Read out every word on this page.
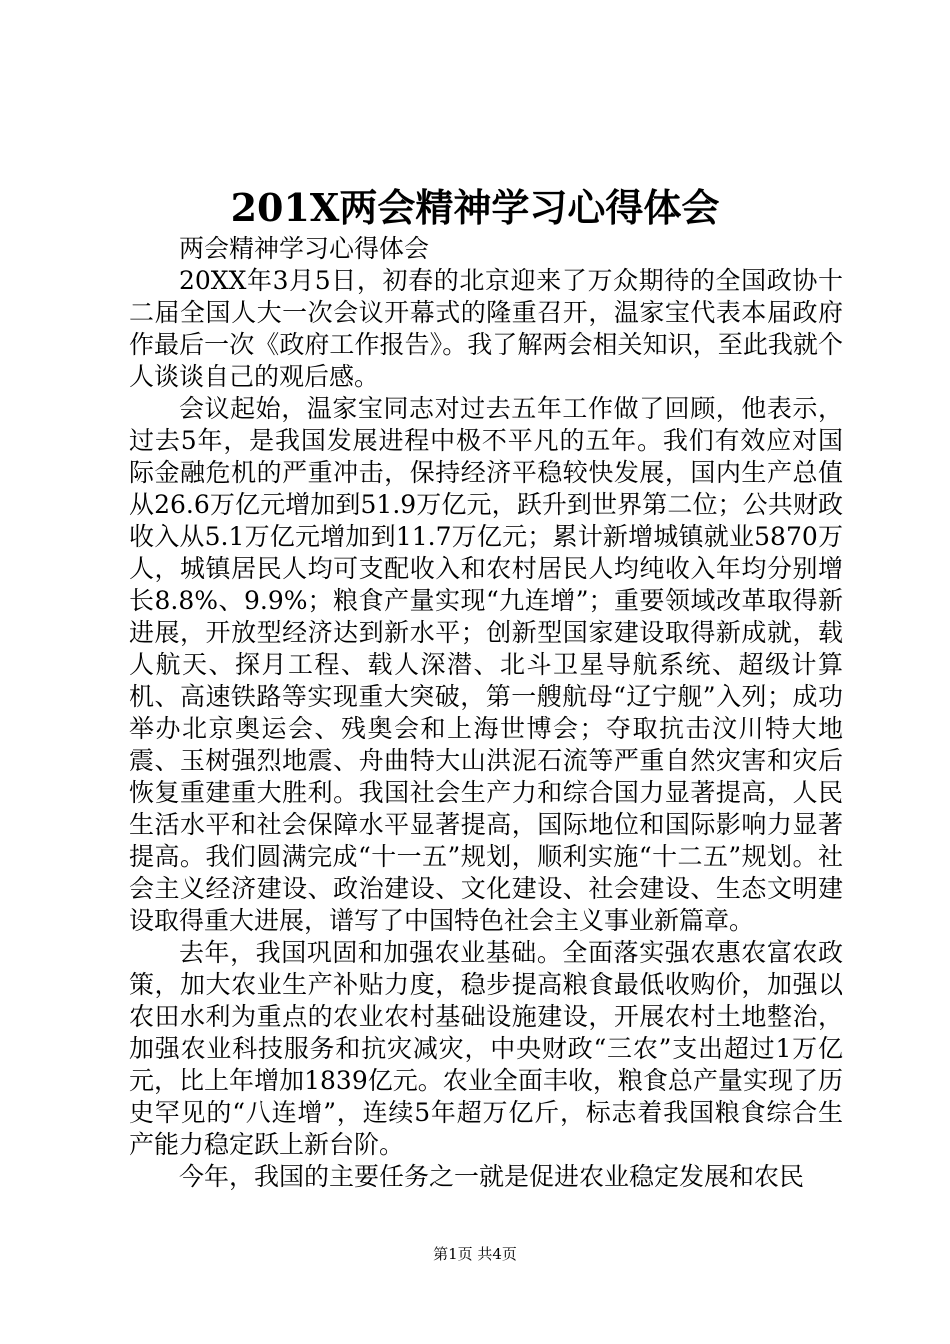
201X两会精神学习心得体会

两会精神学习心得体会

20XX年3月5日，初春的北京迎来了万众期待的全国政协十二届全国人大一次会议开幕式的隆重召开，温家宝代表本届政府作最后一次《政府工作报告》。我了解两会相关知识，至此我就个人谈谈自己的观后感。

会议起始，温家宝同志对过去五年工作做了回顾，他表示，过去5年，是我国发展进程中极不平凡的五年。我们有效应对国际金融危机的严重冲击，保持经济平稳较快发展，国内生产总值从26.6万亿元增加到51.9万亿元，跃升到世界第二位；公共财政收入从5.1万亿元增加到11.7万亿元；累计新增城镇就业5870万人，城镇居民人均可支配收入和农村居民人均纯收入年均分别增长8.8%、9.9%；粮食产量实现“九连增”；重要领域改革取得新进展，开放型经济达到新水平；创新型国家建设取得新成就，载人航天、探月工程、载人深潜、北斗卫星导航系统、超级计算机、高速铁路等实现重大突破，第一艘航母“辽宁舰”入列；成功举办北京奥运会、残奥会和上海世博会；夺取抗击汶川特大地震、玉树强烈地震、舟曲特大山洪泥石流等严重自然灾害和灾后恢复重建重大胜利。我国社会生产力和综合国力显著提高，人民生活水平和社会保障水平显著提高，国际地位和国际影响力显著提高。我们圆满完成“十一五”规划，顺利实施“十二五”规划。社会主义经济建设、政治建设、文化建设、社会建设、生态文明建设取得重大进展，谱写了中国特色社会主义事业新篇章。

去年，我国巩固和加强农业基础。全面落实强农惠农富农政策，加大农业生产补贴力度，稳步提高粮食最低收购价，加强以农田水利为重点的农业农村基础设施建设，开展农村土地整治，加强农业科技服务和抗灾减灾，中央财政“三农”支出超过1万亿元，比上年增加1839亿元。农业全面丰收，粮食总产量实现了历史罕见的“八连增”，连续5年超万亿斤，标志着我国粮食综合生产能力稳定跃上新台阶。

今年，我国的主要任务之一就是促进农业稳定发展和农民

第1页 共4页
